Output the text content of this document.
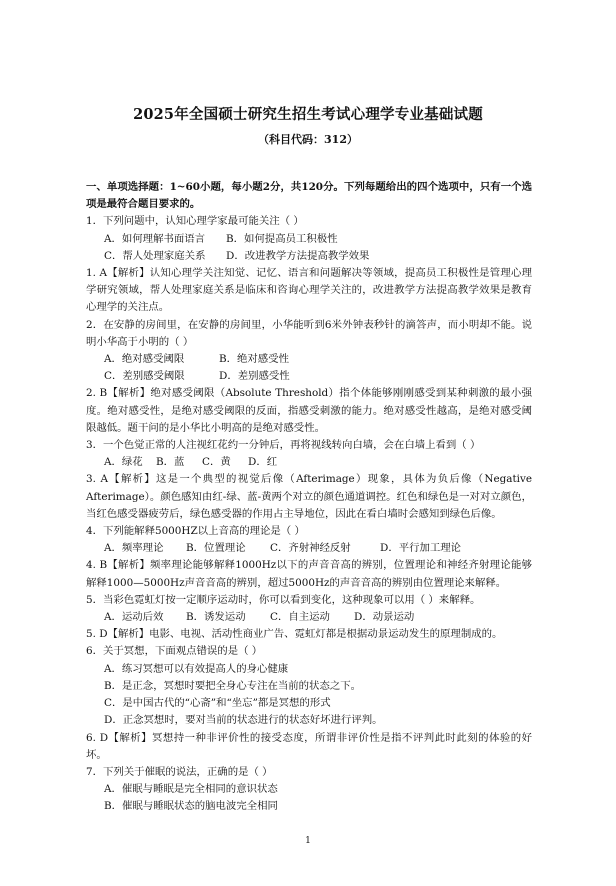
2025年全国硕士研究生招生考试心理学专业基础试题
（科目代码：312）

一、单项选择题：1~60小题，每小题2分，共120分。下列每题给出的四个选项中，只有一个选项是最符合题目要求的。

1．下列问题中，认知心理学家最可能关注（ ）

A．如何理解书面语言 B．如何提高员工积极性

C．帮人处理家庭关系 D．改进教学方法提高教学效果

1. A【解析】认知心理学关注知觉、记忆、语言和问题解决等领域，提高员工积极性是管理心理学研究领域，帮人处理家庭关系是临床和咨询心理学关注的，改进教学方法提高教学效果是教育心理学的关注点。

2．在安静的房间里，在安静的房间里，小华能听到6米外钟表秒针的滴答声，而小明却不能。说明小华高于小明的（ ）

A．绝对感受阈限	B．绝对感受性

C．差别感受阈限	D．差别感受性

2. B【解析】绝对感受阈限（Absolute Threshold）指个体能够刚刚感受到某种刺激的最小强度。绝对感受性，是绝对感受阈限的反面，指感受刺激的能力。绝对感受性越高，是绝对感受阈限越低。题干问的是小华比小明高的是绝对感受性。

3．一个色觉正常的人注视红花约一分钟后，再将视线转向白墙，会在白墙上看到（ ）

A．绿花 B．蓝 C．黄 D．红

3. A【解析】这是一个典型的视觉后像（Afterimage）现象，具体为负后像（Negative Afterimage）。颜色感知由红-绿、蓝-黄两个对立的颜色通道调控。红色和绿色是一对对立颜色，当红色感受器疲劳后，绿色感受器的作用占主导地位，因此在看白墙时会感知到绿色后像。

4．下列能解释5000HZ以上音高的理论是（ ）

A．频率理论 B．位置理论 C．齐射神经反射	D．平行加工理论

4. B【解析】频率理论能够解释1000Hz以下的声音音高的辨别，位置理论和神经齐射理论能够解释1000—5000Hz声音音高的辨别，超过5000Hz的声音音高的辨别由位置理论来解释。

5．当彩色霓虹灯按一定顺序运动时，你可以看到变化，这种现象可以用（ ）来解释。

A．运动后效 B．诱发运动 C．自主运动 D．动景运动

5. D【解析】电影、电视、活动性商业广告、霓虹灯都是根据动景运动发生的原理制成的。

6．关于冥想，下面观点错误的是（ ）

A．练习冥想可以有效提高人的身心健康

B．是正念，冥想时要把全身心专注在当前的状态之下。

C．是中国古代的“心斋”和“坐忘”都是冥想的形式

D．正念冥想时，要对当前的状态进行的状态好坏进行评判。

6. D【解析】冥想持一种非评价性的接受态度，所谓非评价性是指不评判此时此刻的体验的好坏。

7．下列关于催眠的说法，正确的是（ ）

A．催眠与睡眠是完全相同的意识状态

B．催眠与睡眠状态的脑电波完全相同

1
